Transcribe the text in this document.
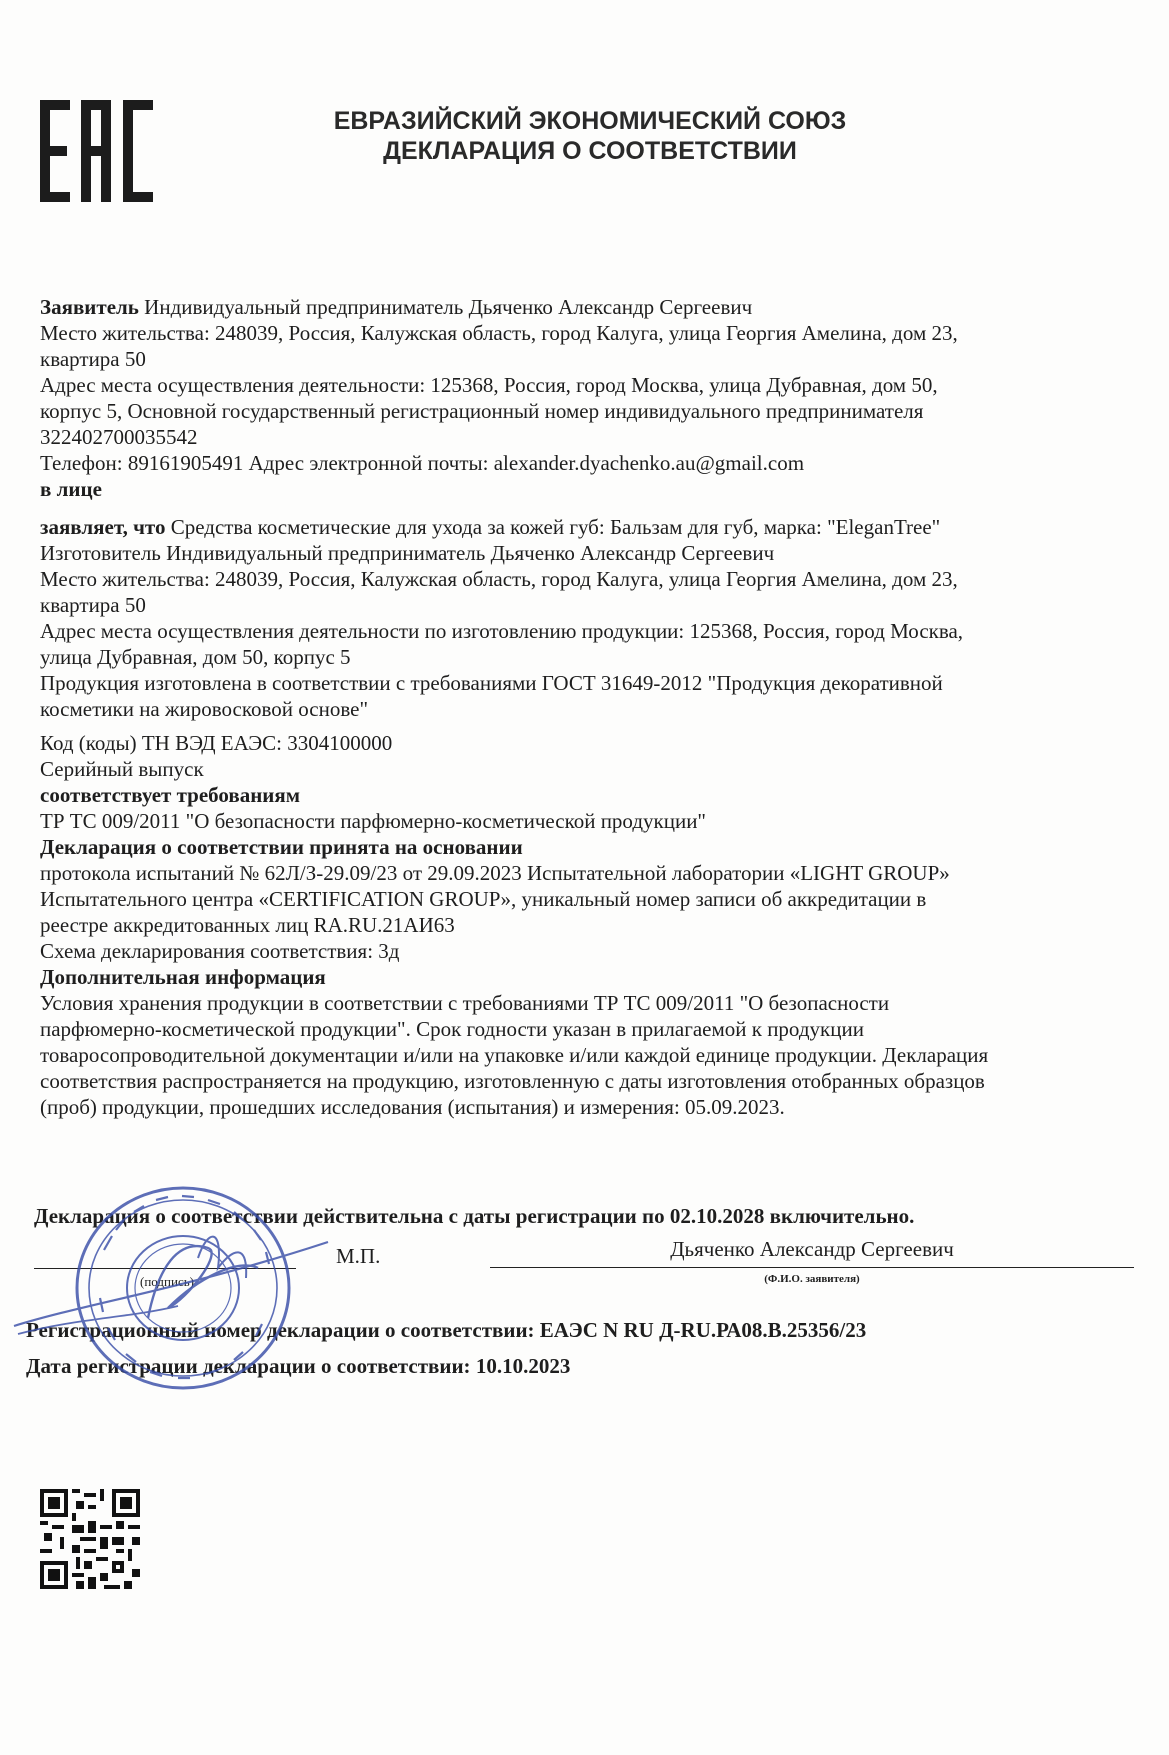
ЕВРАЗИЙСКИЙ ЭКОНОМИЧЕСКИЙ СОЮЗ
ДЕКЛАРАЦИЯ О СООТВЕТСТВИИ
Заявитель Индивидуальный предприниматель Дьяченко Александр Сергеевич
Место жительства: 248039, Россия, Калужская область, город Калуга, улица Георгия Амелина, дом 23,
квартира 50
Адрес места осуществления деятельности: 125368, Россия, город Москва, улица Дубравная, дом 50,
корпус 5, Основной государственный регистрационный номер индивидуального предпринимателя
322402700035542
Телефон: 89161905491 Адрес электронной почты: alexander.dyachenko.au@gmail.com
в лице
заявляет, что Средства косметические для ухода за кожей губ: Бальзам для губ, марка: "EleganTree"
Изготовитель Индивидуальный предприниматель Дьяченко Александр Сергеевич
Место жительства: 248039, Россия, Калужская область, город Калуга, улица Георгия Амелина, дом 23,
квартира 50
Адрес места осуществления деятельности по изготовлению продукции: 125368, Россия, город Москва,
улица Дубравная, дом 50, корпус 5
Продукция изготовлена в соответствии с требованиями ГОСТ 31649-2012 "Продукция декоративной
косметики на жировосковой основе"
Код (коды) ТН ВЭД ЕАЭС: 3304100000
Серийный выпуск
соответствует требованиям
ТР ТС 009/2011 "О безопасности парфюмерно-косметической продукции"
Декларация о соответствии принята на основании
протокола испытаний № 62Л/З-29.09/23 от 29.09.2023 Испытательной лаборатории «LIGHT GROUP»
Испытательного центра «CERTIFICATION GROUP», уникальный номер записи об аккредитации в
реестре аккредитованных лиц RA.RU.21АИ63
Схема декларирования соответствия: 3д
Дополнительная информация
Условия хранения продукции в соответствии с требованиями ТР ТС 009/2011 "О безопасности
парфюмерно-косметической продукции". Срок годности указан в прилагаемой к продукции
товаросопроводительной документации и/или на упаковке и/или каждой единице продукции. Декларация
соответствия распространяется на продукцию, изготовленную с даты изготовления отобранных образцов
(проб) продукции, прошедших исследования (испытания) и измерения: 05.09.2023.
Декларация о соответствии действительна с даты регистрации по 02.10.2028 включительно.
(подпись)
М.П.	Дьяченко Александр Сергеевич
(Ф.И.О. заявителя)
Регистрационный номер декларации о соответствии: ЕАЭС N RU Д-RU.РА08.В.25356/23
Дата регистрации декларации о соответствии: 10.10.2023
